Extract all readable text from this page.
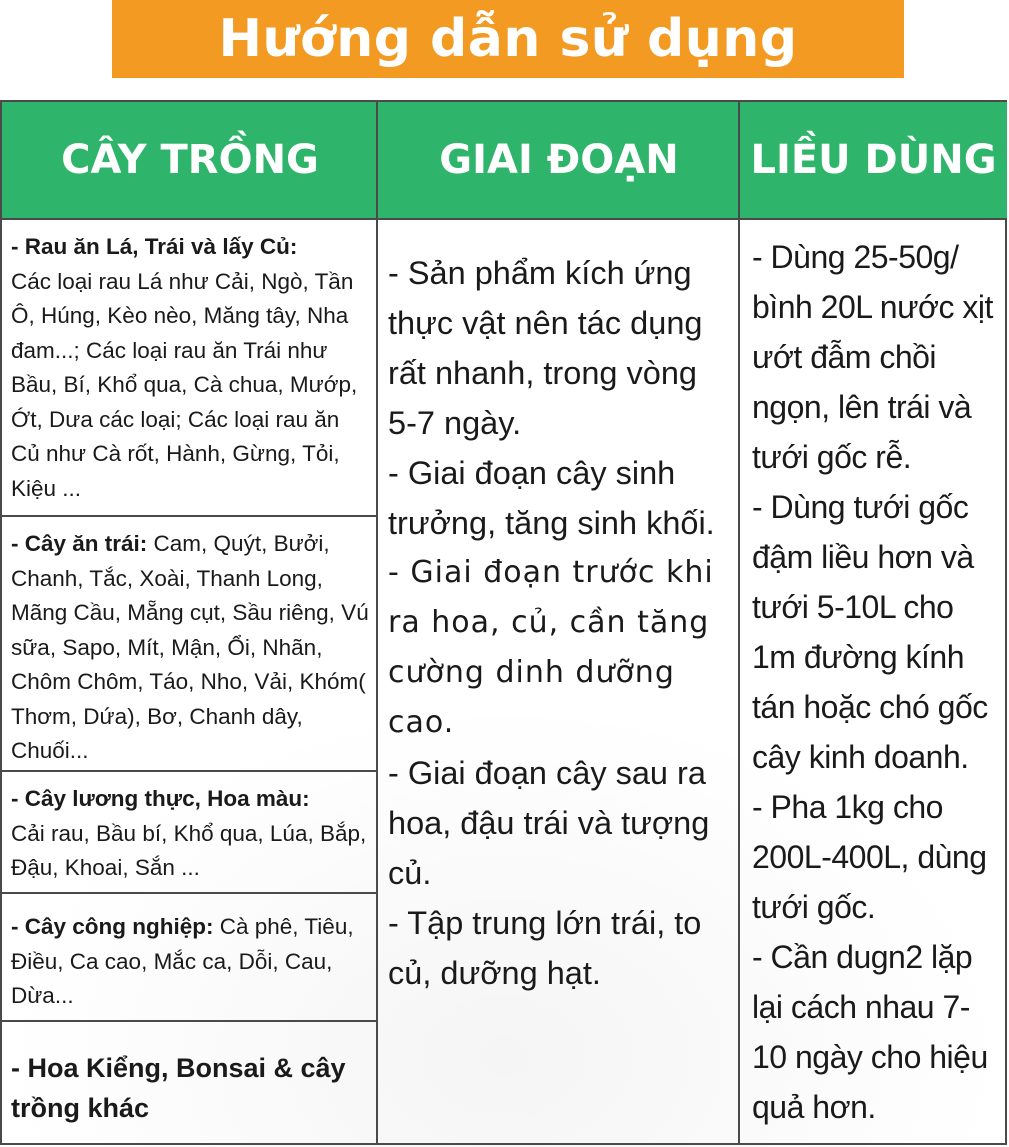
Hướng dẫn sử dụng
CÂY TRỒNG	GIAI ĐOẠN	LIỀU DÙNG
- Rau ăn Lá, Trái và lấy Củ:
Các loại rau Lá như Cải, Ngò, Tần Ô, Húng, Kèo nèo, Măng tây, Nha đam...; Các loại rau ăn Trái như Bầu, Bí, Khổ qua, Cà chua, Mướp, Ớt, Dưa các loại; Các loại rau ăn Củ như Cà rốt, Hành, Gừng, Tỏi, Kiệu ...
- Cây ăn trái: Cam, Quýt, Bưởi, Chanh, Tắc, Xoài, Thanh Long, Mãng Cầu, Mẵng cụt, Sầu riêng, Vú sữa, Sapo, Mít, Mận, Ổi, Nhãn, Chôm Chôm, Táo, Nho, Vải, Khóm( Thơm, Dứa), Bơ, Chanh dây, Chuối...
- Cây lương thực, Hoa màu:
Cải rau, Bầu bí, Khổ qua, Lúa, Bắp, Đậu, Khoai, Sắn ...
- Cây công nghiệp: Cà phê, Tiêu, Điều, Ca cao, Mắc ca, Dỗi, Cau, Dừa...
- Hoa Kiểng, Bonsai & cây trồng khác
- Sản phẩm kích ứng thực vật nên tác dụng rất nhanh, trong vòng 5-7 ngày.
- Giai đoạn cây sinh trưởng, tăng sinh khối.
- Giai đoạn trước khi ra hoa, củ, cần tăng cường dinh dưỡng cao.
- Giai đoạn cây sau ra hoa, đậu trái và tượng củ.
- Tập trung lớn trái, to củ, dưỡng hạt.
- Dùng 25-50g/ bình 20L nước xịt ướt đẫm chồi ngọn, lên trái và tưới gốc rễ.
- Dùng tưới gốc đậm liều hơn và tưới 5-10L cho 1m đường kính tán hoặc chó gốc cây kinh doanh.
- Pha 1kg cho 200L-400L, dùng tưới gốc.
- Cần dugn2 lặp lại cách nhau 7-10 ngày cho hiệu quả hơn.
